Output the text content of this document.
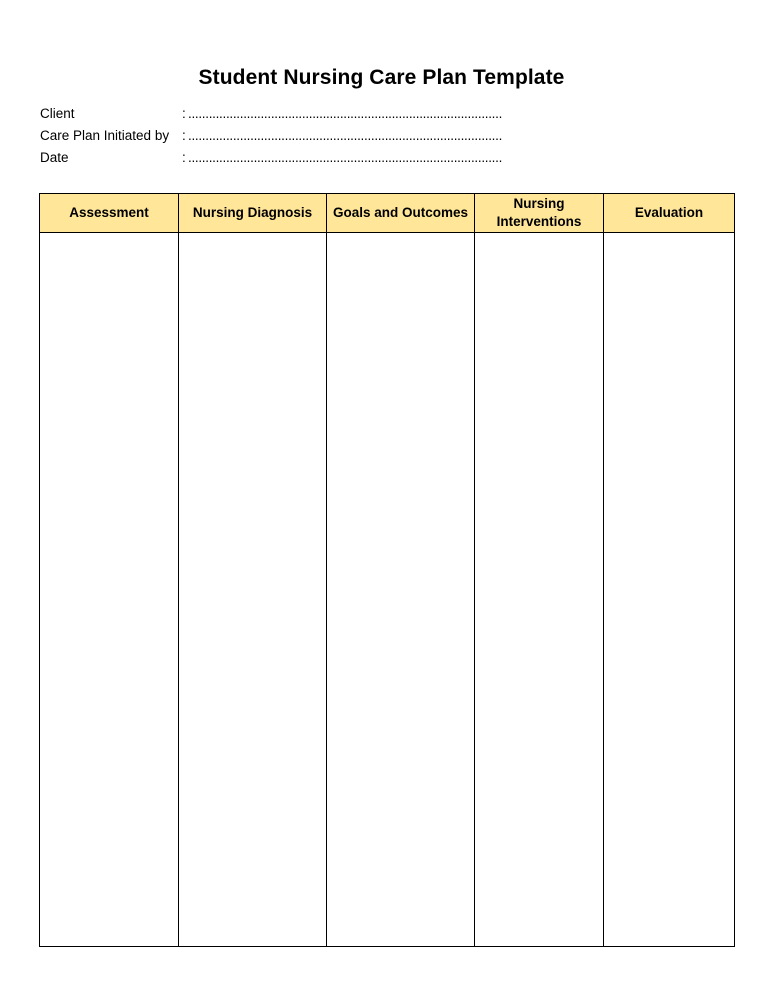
Student Nursing Care Plan Template
Client	: ...........................................................................................
Care Plan Initiated by : ...........................................................................................
Date	: ...........................................................................................
Assessment	Nursing Diagnosis	Goals and Outcomes	Nursing Interventions	Evaluation
